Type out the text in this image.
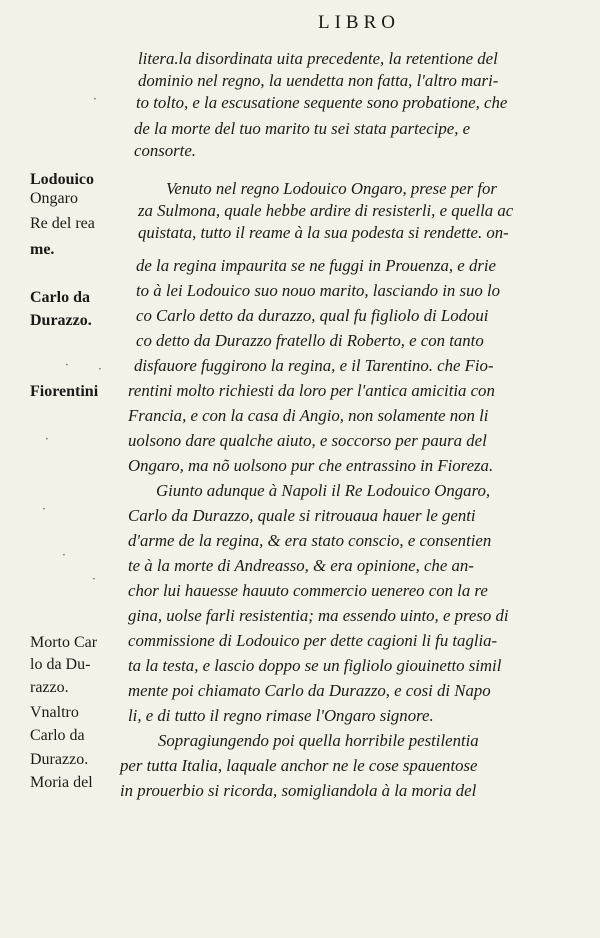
LIBRO
litera.la disordinata uita precedente, la retentione del
dominio nel regno, la uendetta non fatta, l'altro mari-
to tolto, e la escusatione sequente sono probatione, che
de la morte del tuo marito tu sei stata partecipe, e
consorte.
Venuto nel regno Lodouico Ongaro, prese per for
za Sulmona, quale hebbe ardire di resisterli, e quella ac
quistata, tutto il reame à la sua podesta si rendette. on-
de la regina impaurita se ne fuggi in Prouenza, e drie
to à lei Lodouico suo nouo marito, lasciando in suo lo
co Carlo detto da durazzo, qual fu figliolo di Lodoui
co detto da Durazzo fratello di Roberto, e con tanto
disfauore fuggirono la regina, e il Tarentino. che Fio-
rentini molto richiesti da loro per l'antica amicitia con
Francia, e con la casa di Angio, non solamente non li
uolsono dare qualche aiuto, e soccorso per paura del
Ongaro, ma nõ uolsono pur che entrassino in Fioreza.
Giunto adunque à Napoli il Re Lodouico Ongaro,
Carlo da Durazzo, quale si ritrouaua hauer le genti
d'arme de la regina, & era stato conscio, e consentien
te à la morte di Andreasso, & era opinione, che an-
chor lui hauesse hauuto commercio uenereo con la re
gina, uolse farli resistentia; ma essendo uinto, e preso di
commissione di Lodouico per dette cagioni li fu taglia-
ta la testa, e lascio doppo se un figliolo giouinetto simil
mente poi chiamato Carlo da Durazzo, e cosi di Napo
li, e di tutto il regno rimase l'Ongaro signore.
Sopragiungendo poi quella horribile pestilentia
per tutta Italia, laquale anchor ne le cose spauentose
in prouerbio si ricorda, somigliandola à la moria del
Lodouico
Ongaro
Re del rea
me.
Carlo da
Durazzo.
Fiorentini
Morto Car
lo da Du-
razzo.
Vnaltro
Carlo da
Durazzo.
Moria del
·
· ·
·
·
·
·
